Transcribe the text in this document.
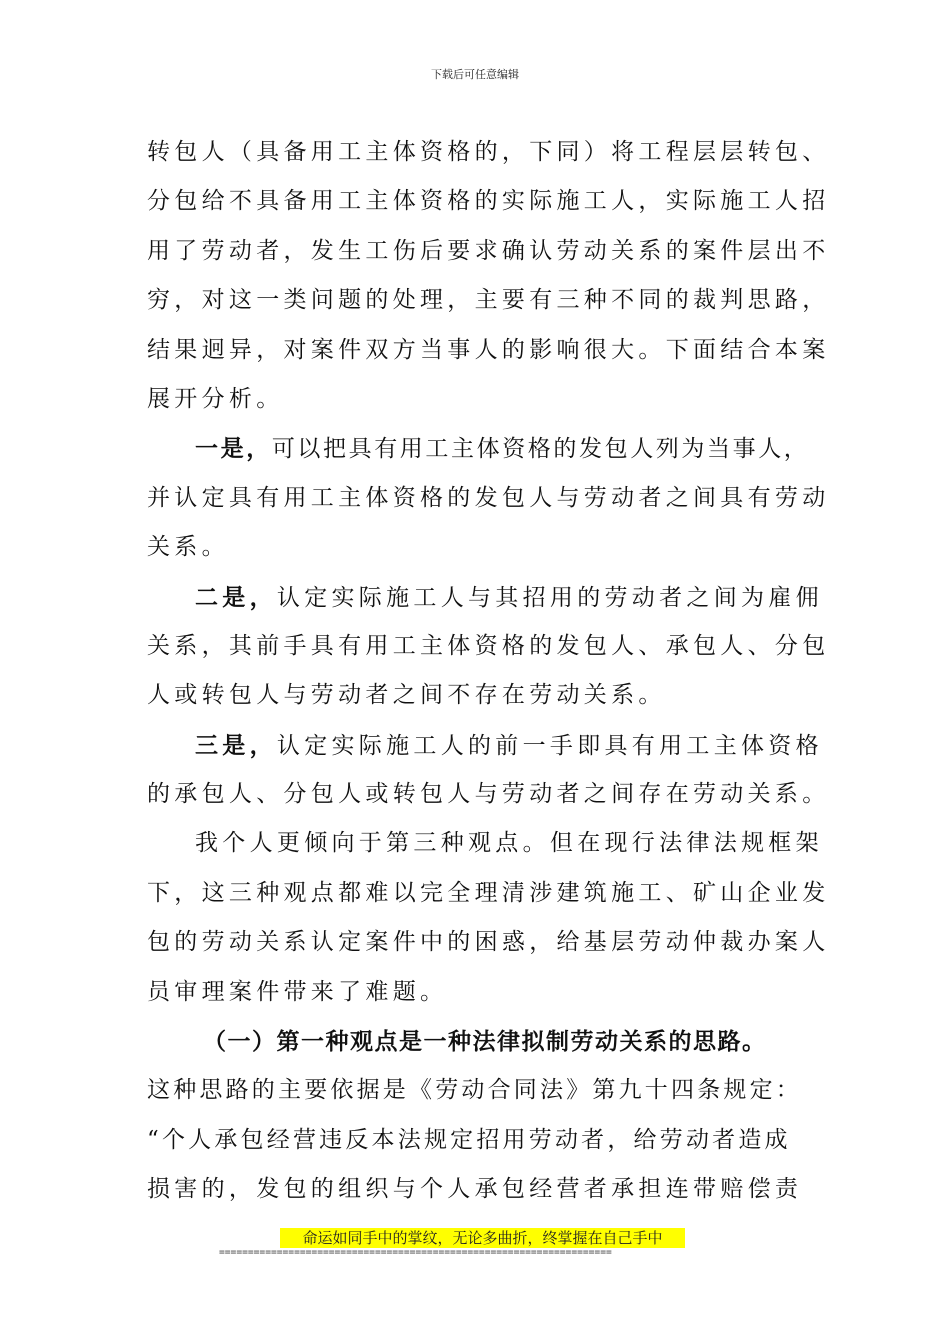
下载后可任意编辑
转包人（具备用工主体资格的，下同）将工程层层转包、
分包给不具备用工主体资格的实际施工人，实际施工人招
用了劳动者，发生工伤后要求确认劳动关系的案件层出不
穷，对这一类问题的处理，主要有三种不同的裁判思路，
结果迥异，对案件双方当事人的影响很大。下面结合本案
展开分析。
一是，可以把具有用工主体资格的发包人列为当事人，
并认定具有用工主体资格的发包人与劳动者之间具有劳动
关系。
二是，认定实际施工人与其招用的劳动者之间为雇佣
关系，其前手具有用工主体资格的发包人、承包人、分包
人或转包人与劳动者之间不存在劳动关系。
三是，认定实际施工人的前一手即具有用工主体资格
的承包人、分包人或转包人与劳动者之间存在劳动关系。
我个人更倾向于第三种观点。但在现行法律法规框架
下，这三种观点都难以完全理清涉建筑施工、矿山企业发
包的劳动关系认定案件中的困惑，给基层劳动仲裁办案人
员审理案件带来了难题。
（一）第一种观点是一种法律拟制劳动关系的思路。
这种思路的主要依据是《劳动合同法》第九十四条规定：
“个人承包经营违反本法规定招用劳动者，给劳动者造成
损害的，发包的组织与个人承包经营者承担连带赔偿责
命运如同手中的掌纹，无论多曲折，终掌握在自己手中
====================================================================
